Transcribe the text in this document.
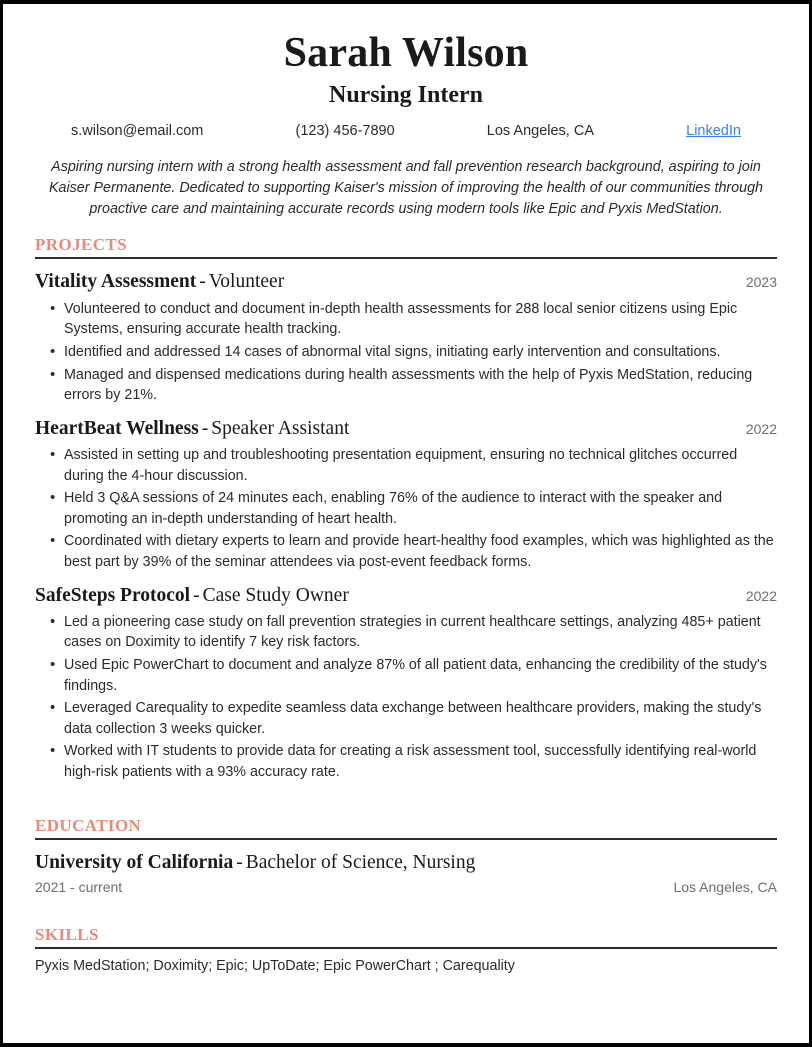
Sarah Wilson
Nursing Intern
s.wilson@email.com	(123) 456-7890	Los Angeles, CA	LinkedIn
Aspiring nursing intern with a strong health assessment and fall prevention research background, aspiring to join Kaiser Permanente. Dedicated to supporting Kaiser's mission of improving the health of our communities through proactive care and maintaining accurate records using modern tools like Epic and Pyxis MedStation.
PROJECTS
Vitality Assessment - Volunteer	2023
• Volunteered to conduct and document in-depth health assessments for 288 local senior citizens using Epic Systems, ensuring accurate health tracking.
• Identified and addressed 14 cases of abnormal vital signs, initiating early intervention and consultations.
• Managed and dispensed medications during health assessments with the help of Pyxis MedStation, reducing errors by 21%.
HeartBeat Wellness - Speaker Assistant	2022
• Assisted in setting up and troubleshooting presentation equipment, ensuring no technical glitches occurred during the 4-hour discussion.
• Held 3 Q&A sessions of 24 minutes each, enabling 76% of the audience to interact with the speaker and promoting an in-depth understanding of heart health.
• Coordinated with dietary experts to learn and provide heart-healthy food examples, which was highlighted as the best part by 39% of the seminar attendees via post-event feedback forms.
SafeSteps Protocol - Case Study Owner	2022
• Led a pioneering case study on fall prevention strategies in current healthcare settings, analyzing 485+ patient cases on Doximity to identify 7 key risk factors.
• Used Epic PowerChart to document and analyze 87% of all patient data, enhancing the credibility of the study's findings.
• Leveraged Carequality to expedite seamless data exchange between healthcare providers, making the study's data collection 3 weeks quicker.
• Worked with IT students to provide data for creating a risk assessment tool, successfully identifying real-world high-risk patients with a 93% accuracy rate.
EDUCATION
University of California - Bachelor of Science, Nursing
2021 - current	Los Angeles, CA
SKILLS
Pyxis MedStation; Doximity; Epic; UpToDate; Epic PowerChart ; Carequality
